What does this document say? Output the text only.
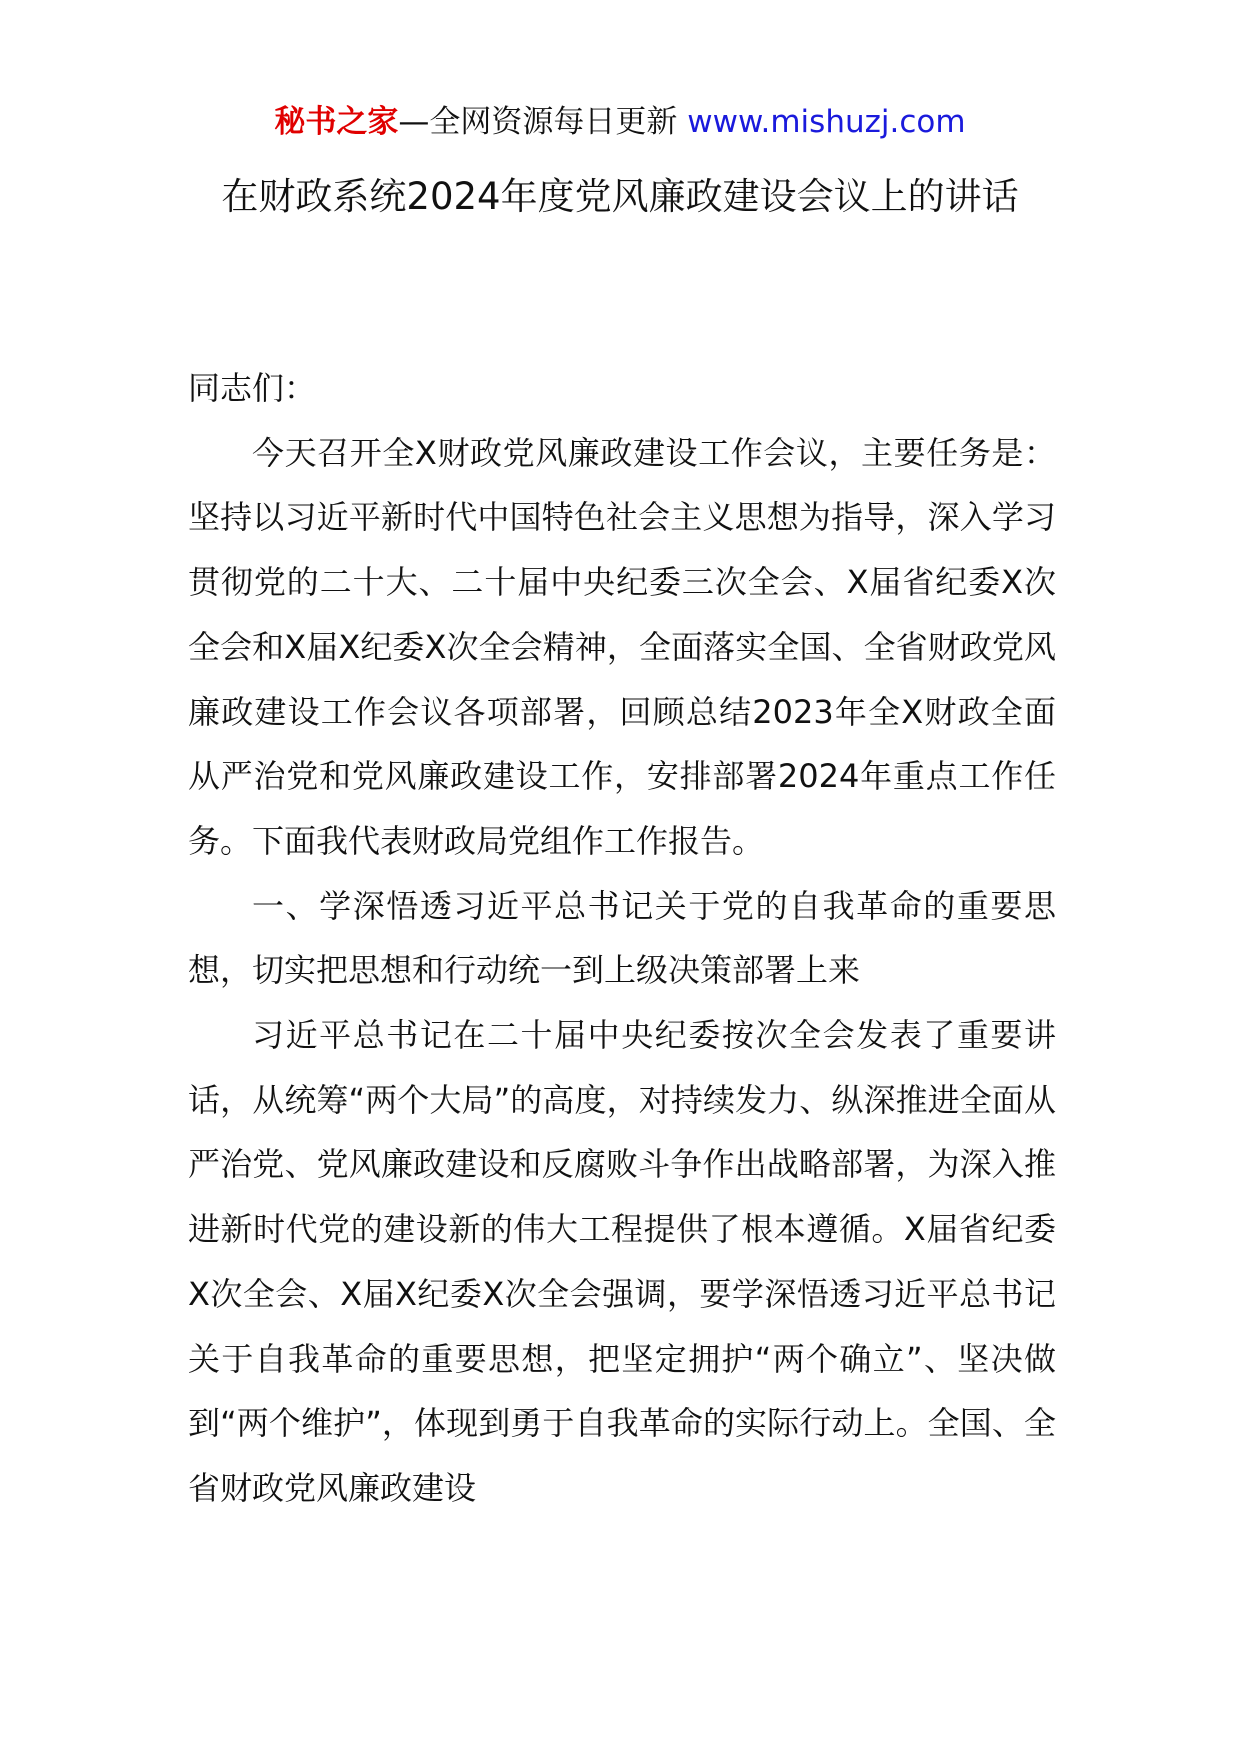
秘书之家—全网资源每日更新 www.mishuzj.com
在财政系统2024年度党风廉政建设会议上的讲话

同志们：

今天召开全X财政党风廉政建设工作会议，主要任务是：坚持以习近平新时代中国特色社会主义思想为指导，深入学习贯彻党的二十大、二十届中央纪委三次全会、X届省纪委X次全会和X届X纪委X次全会精神，全面落实全国、全省财政党风廉政建设工作会议各项部署，回顾总结2023年全X财政全面从严治党和党风廉政建设工作，安排部署2024年重点工作任务。下面我代表财政局党组作工作报告。

一、学深悟透习近平总书记关于党的自我革命的重要思想，切实把思想和行动统一到上级决策部署上来

习近平总书记在二十届中央纪委按次全会发表了重要讲话，从统筹“两个大局”的高度，对持续发力、纵深推进全面从严治党、党风廉政建设和反腐败斗争作出战略部署，为深入推进新时代党的建设新的伟大工程提供了根本遵循。X届省纪委X次全会、X届X纪委X次全会强调，要学深悟透习近平总书记关于自我革命的重要思想，把坚定拥护“两个确立”、坚决做到“两个维护”，体现到勇于自我革命的实际行动上。全国、全省财政党风廉政建设
